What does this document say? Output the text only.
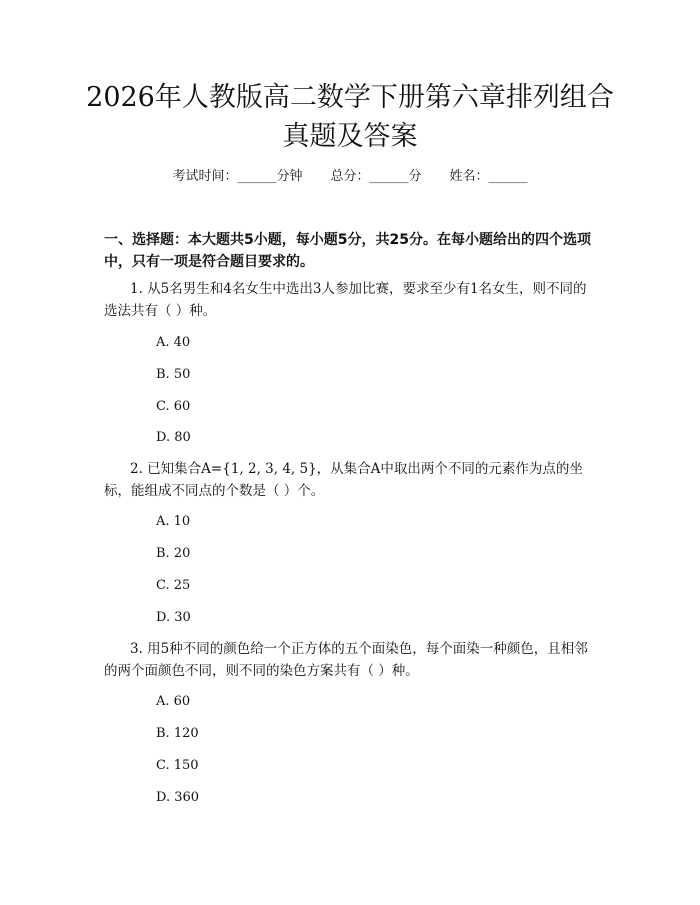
2026年人教版高二数学下册第六章排列组合
真题及答案
考试时间：______分钟 总分：______分 姓名：______
一、选择题：本大题共5小题，每小题5分，共25分。在每小题给出的四个选项中，只有一项是符合题目要求的。
1. 从5名男生和4名女生中选出3人参加比赛，要求至少有1名女生，则不同的选法共有（ ）种。
A. 40
B. 50
C. 60
D. 80
2. 已知集合A={1, 2, 3, 4, 5}，从集合A中取出两个不同的元素作为点的坐标，能组成不同点的个数是（ ）个。
A. 10
B. 20
C. 25
D. 30
3. 用5种不同的颜色给一个正方体的五个面染色，每个面染一种颜色，且相邻的两个面颜色不同，则不同的染色方案共有（ ）种。
A. 60
B. 120
C. 150
D. 360
